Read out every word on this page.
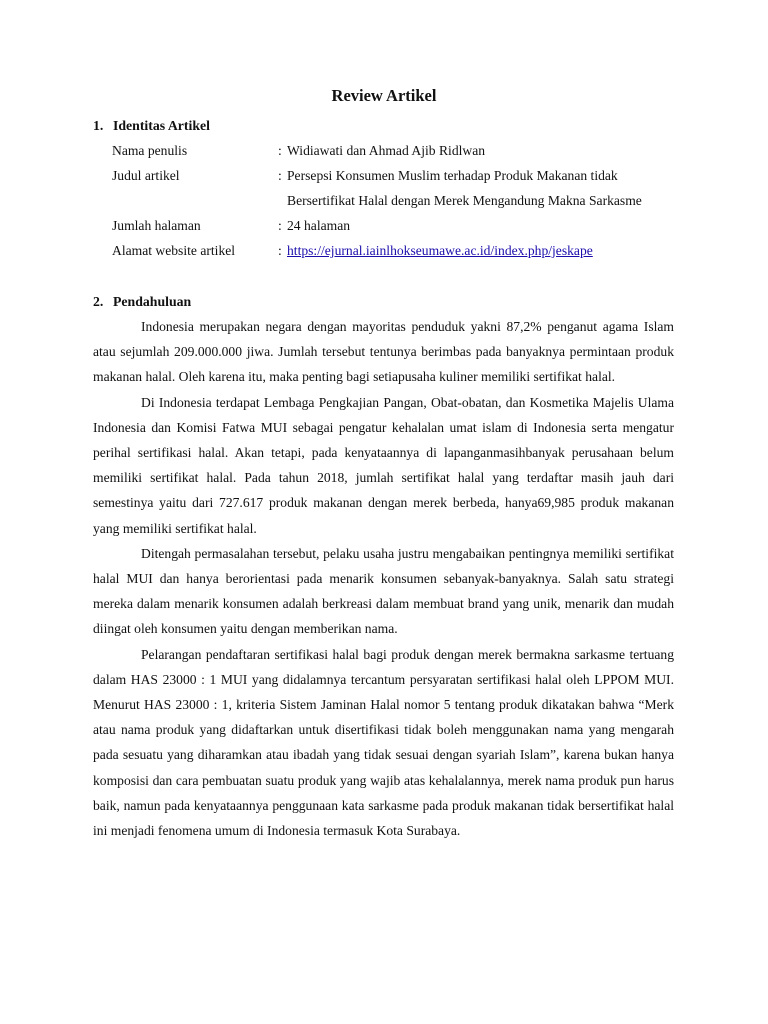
Review Artikel
1. Identitas Artikel
Nama penulis	: Widiawati dan Ahmad Ajib Ridlwan
Judul artikel	: Persepsi Konsumen Muslim terhadap Produk Makanan tidak Bersertifikat Halal dengan Merek Mengandung Makna Sarkasme
Jumlah halaman	: 24 halaman
Alamat website artikel	: https://ejurnal.iainlhokseumawe.ac.id/index.php/jeskape
2. Pendahuluan

Indonesia merupakan negara dengan mayoritas penduduk yakni 87,2% penganut agama Islam atau sejumlah 209.000.000 jiwa. Jumlah tersebut tentunya berimbas pada banyaknya permintaan produk makanan halal. Oleh karena itu, maka penting bagi setiapusaha kuliner memiliki sertifikat halal.

Di Indonesia terdapat Lembaga Pengkajian Pangan, Obat-obatan, dan Kosmetika Majelis Ulama Indonesia dan Komisi Fatwa MUI sebagai pengatur kehalalan umat islam di Indonesia serta mengatur perihal sertifikasi halal. Akan tetapi, pada kenyataannya di lapanganmasihbanyak perusahaan belum memiliki sertifikat halal. Pada tahun 2018, jumlah sertifikat halal yang terdaftar masih jauh dari semestinya yaitu dari 727.617 produk makanan dengan merek berbeda, hanya69,985 produk makanan yang memiliki sertifikat halal.

Ditengah permasalahan tersebut, pelaku usaha justru mengabaikan pentingnya memiliki sertifikat halal MUI dan hanya berorientasi pada menarik konsumen sebanyak-banyaknya. Salah satu strategi mereka dalam menarik konsumen adalah berkreasi dalam membuat brand yang unik, menarik dan mudah diingat oleh konsumen yaitu dengan memberikan nama.

Pelarangan pendaftaran sertifikasi halal bagi produk dengan merek bermakna sarkasme tertuang dalam HAS 23000 : 1 MUI yang didalamnya tercantum persyaratan sertifikasi halal oleh LPPOM MUI. Menurut HAS 23000 : 1, kriteria Sistem Jaminan Halal nomor 5 tentang produk dikatakan bahwa “Merk atau nama produk yang didaftarkan untuk disertifikasi tidak boleh menggunakan nama yang mengarah pada sesuatu yang diharamkan atau ibadah yang tidak sesuai dengan syariah Islam”, karena bukan hanya komposisi dan cara pembuatan suatu produk yang wajib atas kehalalannya, merek nama produk pun harus baik, namun pada kenyataannya penggunaan kata sarkasme pada produk makanan tidak bersertifikat halal ini menjadi fenomena umum di Indonesia termasuk Kota Surabaya.
